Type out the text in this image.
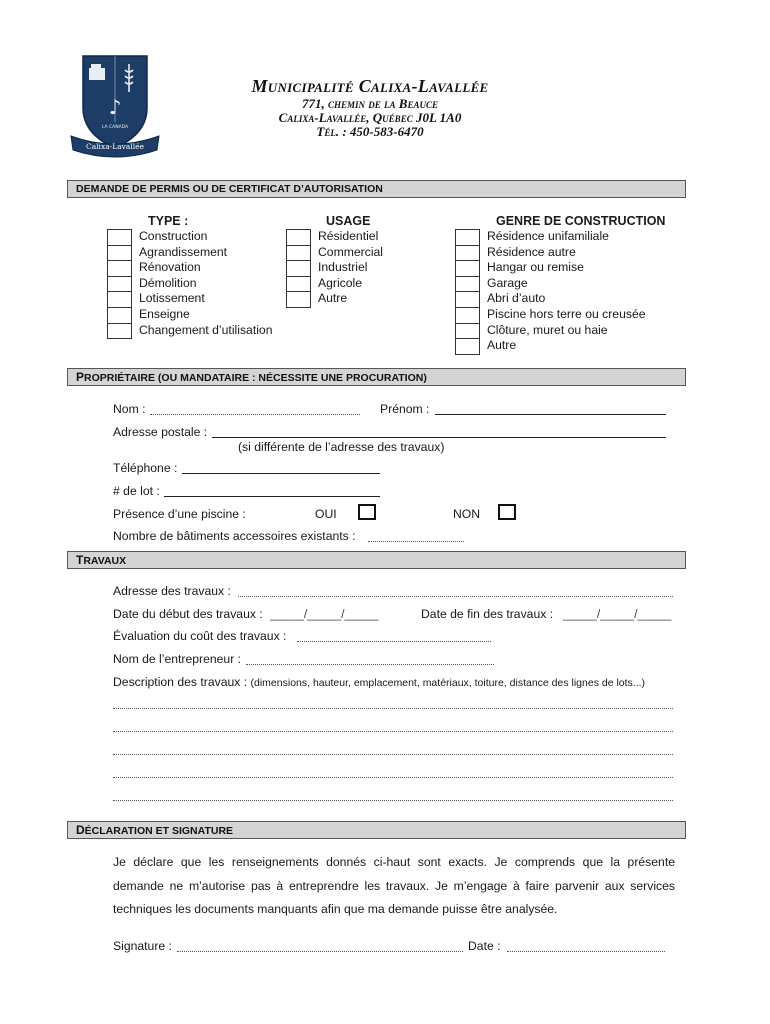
♪
Calixa-Lavallée
LA CANADA
Municipalité Calixa-Lavallée
771, chemin de la Beauce
Calixa-Lavallée, Québec J0L 1A0
Tél. : 450-583-6470
DEMANDE DE PERMIS OU DE CERTIFICAT D’AUTORISATION
TYPE :	USAGE	GENRE DE CONSTRUCTION
Construction
Agrandissement
Rénovation
Démolition
Lotissement
Enseigne
Changement d’utilisation
Résidentiel
Commercial
Industriel
Agricole
Autre
Résidence unifamiliale
Résidence autre
Hangar ou remise
Garage
Abri d’auto
Piscine hors terre ou creusée
Clôture, muret ou haie
Autre
PROPRIÉTAIRE (OU MANDATAIRE : NÉCESSITE UNE PROCURATION)
Nom :	Prénom :
Adresse postale :
(si différente de l’adresse des travaux)
Téléphone :
# de lot :
Présence d’une piscine :	OUI	NON
Nombre de bâtiments accessoires existants :
TRAVAUX
Adresse des travaux :
Date du début des travaux : _____/_____/_____	Date de fin des travaux : _____/_____/_____
Évaluation du coût des travaux :
Nom de l’entrepreneur :
Description des travaux : (dimensions, hauteur, emplacement, matériaux, toiture, distance des lignes de lots...)
DÉCLARATION ET SIGNATURE
Je déclare que les renseignements donnés ci-haut sont exacts. Je comprends que la présente demande ne m’autorise pas à entreprendre les travaux. Je m’engage à faire parvenir aux services techniques les documents manquants afin que ma demande puisse être analysée.
Signature :	Date :
